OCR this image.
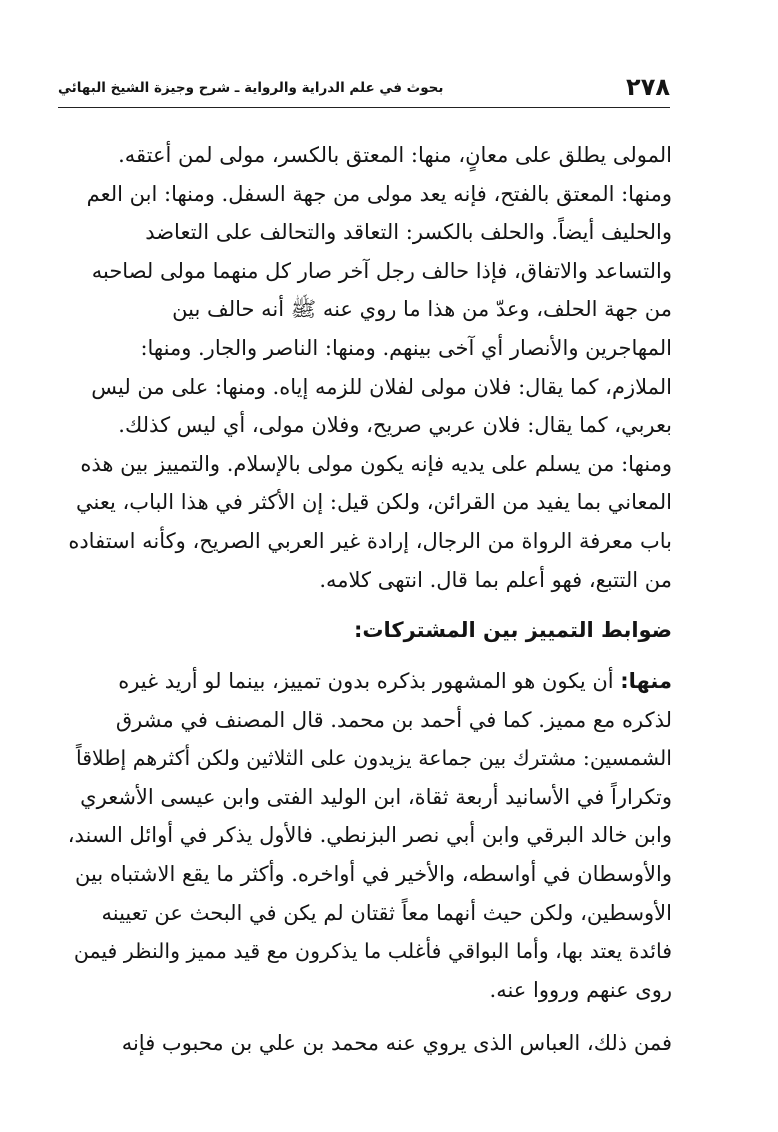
٢٧٨
بحوث في علم الدراية والرواية ـ شرح وجيزة الشيخ البهائي
المولى يطلق على معانٍ، منها: المعتق بالكسر، مولى لمن أعتقه.
ومنها: المعتق بالفتح، فإنه يعد مولى من جهة السفل. ومنها: ابن العم
والحليف أيضاً. والحلف بالكسر: التعاقد والتحالف على التعاضد
والتساعد والاتفاق، فإذا حالف رجل آخر صار كل منهما مولى لصاحبه
من جهة الحلف، وعدّ من هذا ما روي عنه ﷺ أنه حالف بين
المهاجرين والأنصار أي آخى بينهم. ومنها: الناصر والجار. ومنها:
الملازم، كما يقال: فلان مولى لفلان للزمه إياه. ومنها: على من ليس
بعربي، كما يقال: فلان عربي صريح، وفلان مولى، أي ليس كذلك.
ومنها: من يسلم على يديه فإنه يكون مولى بالإسلام. والتمييز بين هذه
المعاني بما يفيد من القرائن، ولكن قيل: إن الأكثر في هذا الباب، يعني
باب معرفة الرواة من الرجال، إرادة غير العربي الصريح، وكأنه استفاده
من التتبع، فهو أعلم بما قال. انتهى كلامه.
ضوابط التمييز بين المشتركات:
منها: أن يكون هو المشهور بذكره بدون تمييز، بينما لو أريد غيره
لذكره مع مميز. كما في أحمد بن محمد. قال المصنف في مشرق
الشمسين: مشترك بين جماعة يزيدون على الثلاثين ولكن أكثرهم إطلاقاً
وتكراراً في الأسانيد أربعة ثقاة، ابن الوليد الفتى وابن عيسى الأشعري
وابن خالد البرقي وابن أبي نصر البزنطي. فالأول يذكر في أوائل السند،
والأوسطان في أواسطه، والأخير في أواخره. وأكثر ما يقع الاشتباه بين
الأوسطين، ولكن حيث أنهما معاً ثقتان لم يكن في البحث عن تعيينه
فائدة يعتد بها، وأما البواقي فأغلب ما يذكرون مع قيد مميز والنظر فيمن
روى عنهم ورووا عنه.
فمن ذلك، العباس الذى يروي عنه محمد بن علي بن محبوب فإنه
